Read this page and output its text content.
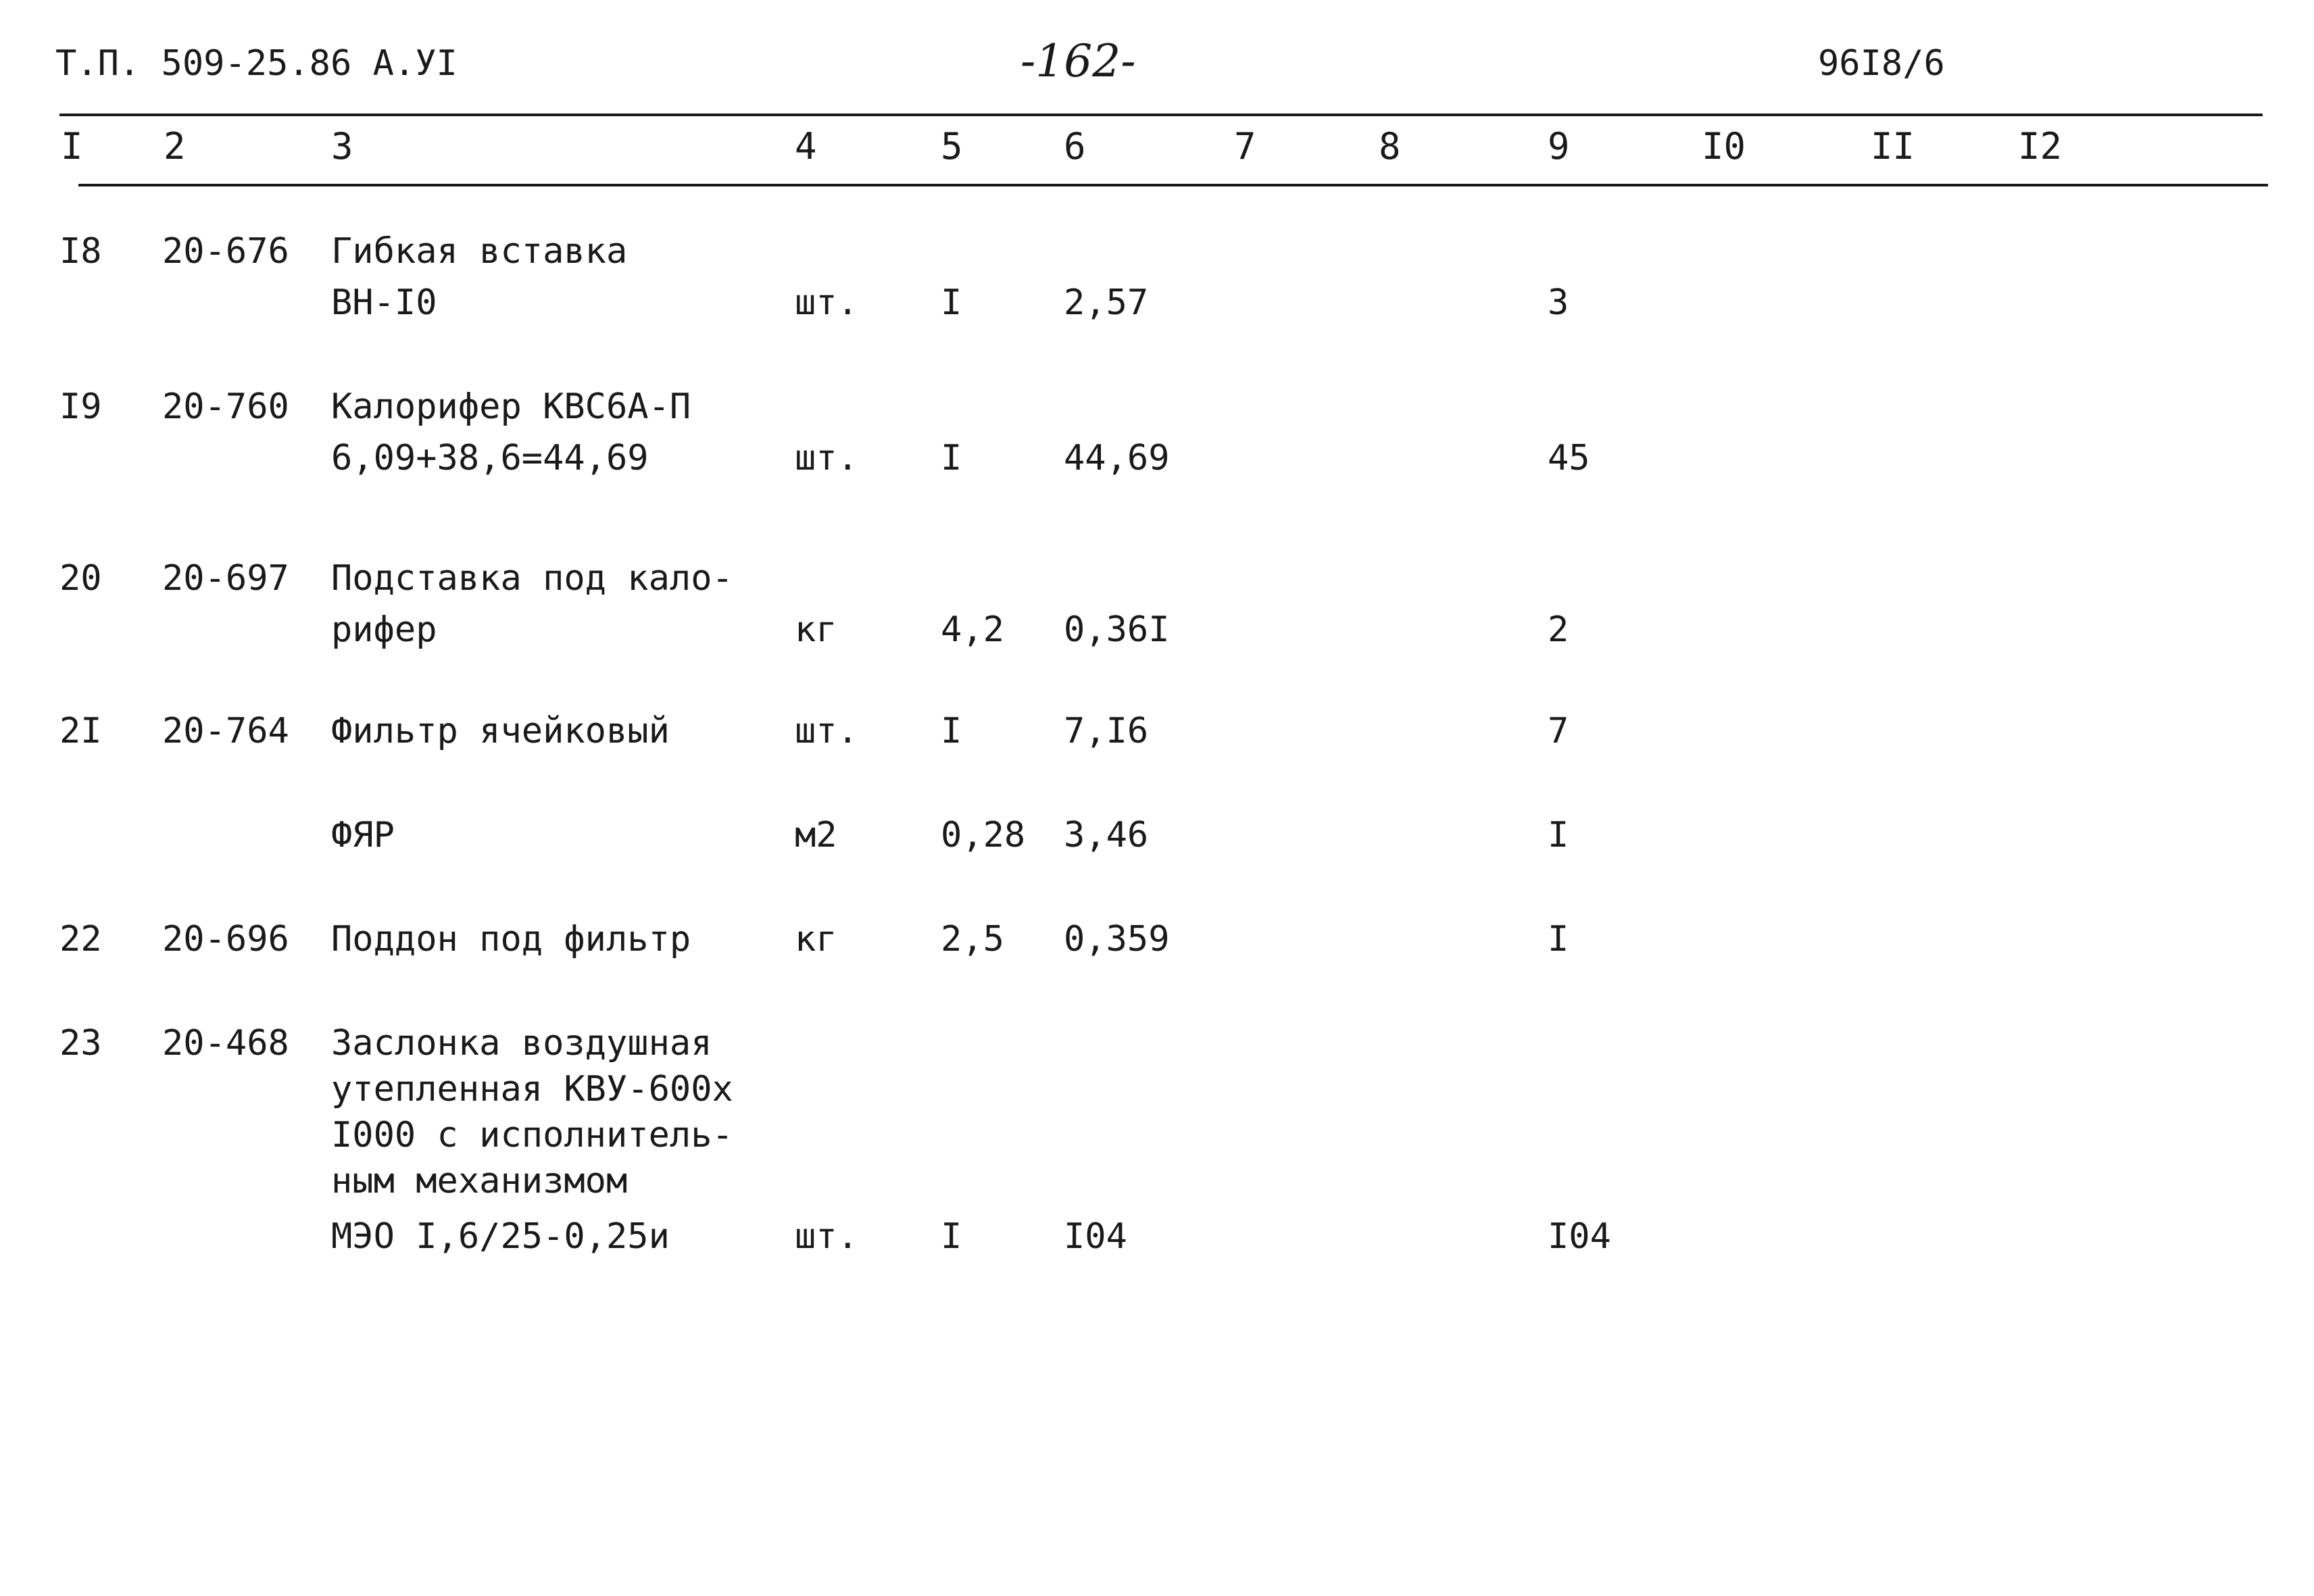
Т.П. 509-25.86 А.УI	-162-	96I8/6
I 2	3	4	5	6	7	8	9	I0	II	I2
I8 20-676 Гибкая вставка
ВН-I0	шт. I	2,57	3
I9 20-760 Калорифер КВС6А-П
6,09+38,6=44,69	шт. I	44,69	45
20 20-697 Подставка под кало-
рифер	кг	4,2 0,36I	2
2I 20-764 Фильтр ячейковый	шт. I	7,I6	7
ФЯР	м2	0,28 3,46	I
22 20-696 Поддон под фильтр	кг	2,5 0,359	I
23 20-468 Заслонка воздушная
утепленная КВУ-600х
I000 с исполнитель-
ным механизмом
МЭО I,6/25-0,25и	шт. I	I04	I04
